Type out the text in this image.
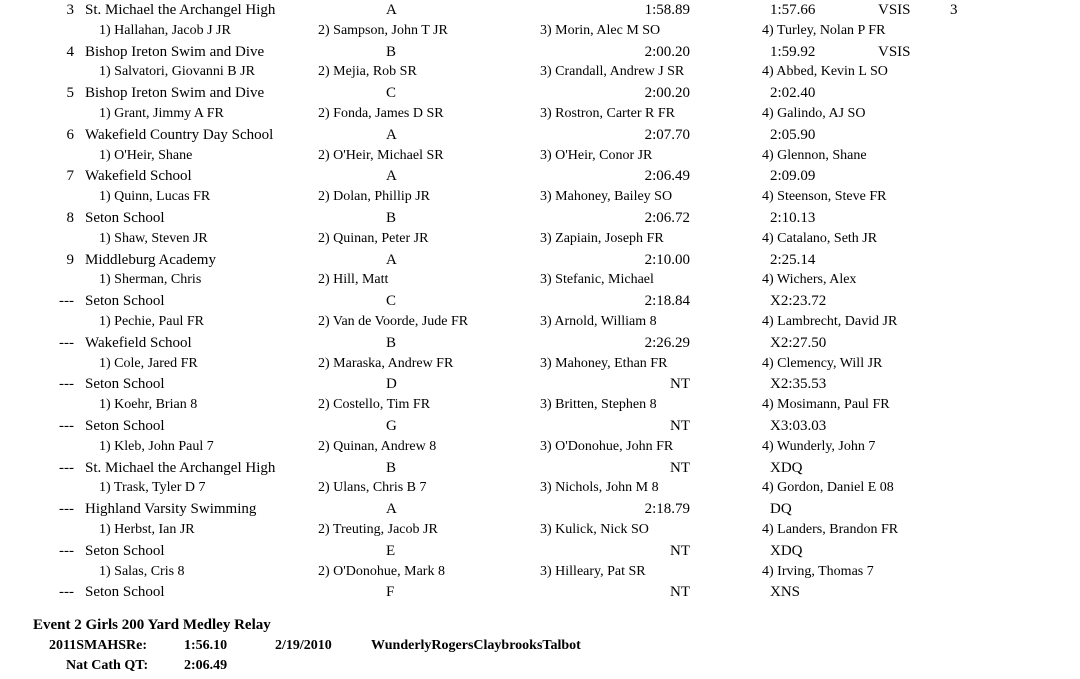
3 St. Michael the Archangel High	A	1:58.89	1:57.66	VSIS	3
1) Hallahan, Jacob J JR	2) Sampson, John T JR	3) Morin, Alec M SO	4) Turley, Nolan P FR
4 Bishop Ireton Swim and Dive	B	2:00.20	1:59.92	VSIS
1) Salvatori, Giovanni B JR	2) Mejia, Rob SR	3) Crandall, Andrew J SR	4) Abbed, Kevin L SO
5 Bishop Ireton Swim and Dive	C	2:00.20	2:02.40
1) Grant, Jimmy A FR	2) Fonda, James D SR	3) Rostron, Carter R FR	4) Galindo, AJ SO
6 Wakefield Country Day School	A	2:07.70	2:05.90
1) O'Heir, Shane	2) O'Heir, Michael SR	3) O'Heir, Conor JR	4) Glennon, Shane
7 Wakefield School	A	2:06.49	2:09.09
1) Quinn, Lucas FR	2) Dolan, Phillip JR	3) Mahoney, Bailey SO	4) Steenson, Steve FR
8 Seton School	B	2:06.72	2:10.13
1) Shaw, Steven JR	2) Quinan, Peter JR	3) Zapiain, Joseph FR	4) Catalano, Seth JR
9 Middleburg Academy	A	2:10.00	2:25.14
1) Sherman, Chris	2) Hill, Matt	3) Stefanic, Michael	4) Wichers, Alex
--- Seton School	C	2:18.84	X2:23.72
1) Pechie, Paul FR	2) Van de Voorde, Jude FR	3) Arnold, William 8	4) Lambrecht, David JR
--- Wakefield School	B	2:26.29	X2:27.50
1) Cole, Jared FR	2) Maraska, Andrew FR	3) Mahoney, Ethan FR	4) Clemency, Will JR
--- Seton School	D	NT	X2:35.53
1) Koehr, Brian 8	2) Costello, Tim FR	3) Britten, Stephen 8	4) Mosimann, Paul FR
--- Seton School	G	NT	X3:03.03
1) Kleb, John Paul 7	2) Quinan, Andrew 8	3) O'Donohue, John FR	4) Wunderly, John 7
--- St. Michael the Archangel High	B	NT	XDQ
1) Trask, Tyler D 7	2) Ulans, Chris B 7	3) Nichols, John M 8	4) Gordon, Daniel E 08
--- Highland Varsity Swimming	A	2:18.79	DQ
1) Herbst, Ian JR	2) Treuting, Jacob JR	3) Kulick, Nick SO	4) Landers, Brandon FR
--- Seton School	E	NT	XDQ
1) Salas, Cris 8	2) O'Donohue, Mark 8	3) Hilleary, Pat SR	4) Irving, Thomas 7
--- Seton School	F	NT	XNS
Event 2 Girls 200 Yard Medley Relay
2011SMAHSRe:	1:56.10	2/19/2010	WunderlyRogersClaybrooksTalbot
Nat Cath QT:	2:06.49
